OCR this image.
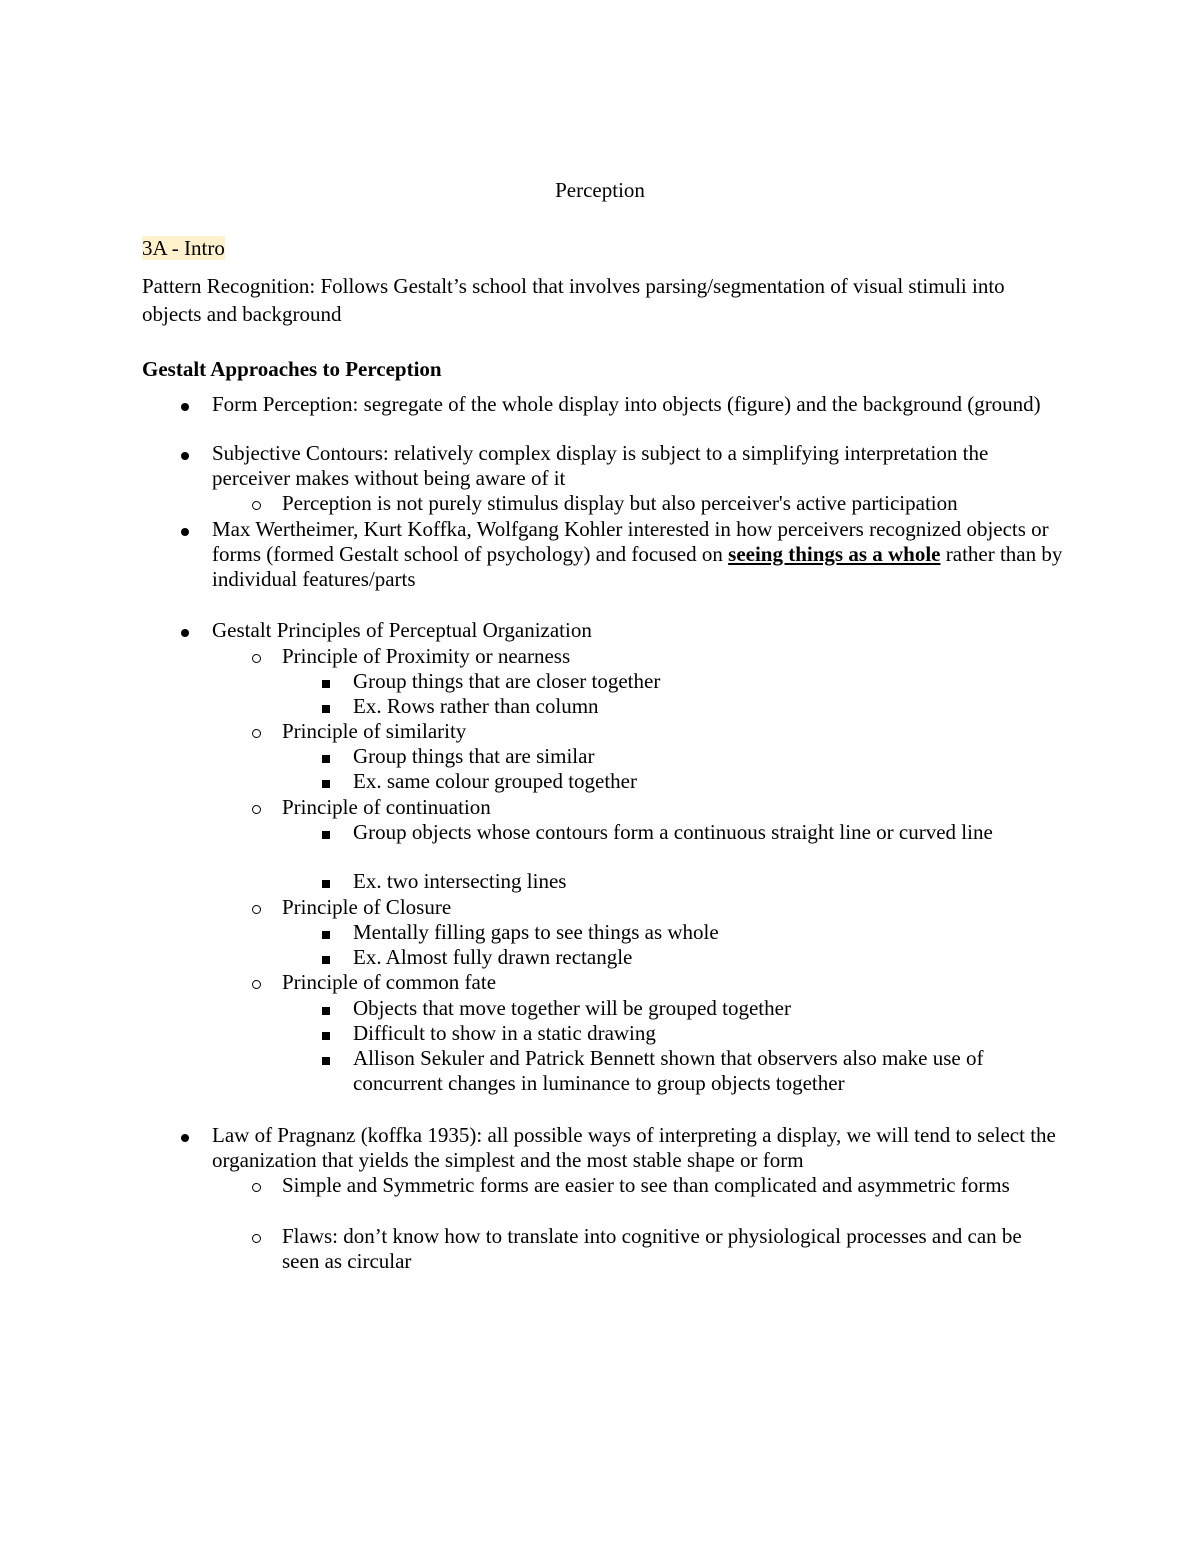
Perception
3A - Intro
Pattern Recognition: Follows Gestalt’s school that involves parsing/segmentation of visual stimuli into objects and background
Gestalt Approaches to Perception
Form Perception: segregate of the whole display into objects (figure) and the background (ground)
Subjective Contours: relatively complex display is subject to a simplifying interpretation the perceiver makes without being aware of it
Perception is not purely stimulus display but also perceiver's active participation
Max Wertheimer, Kurt Koffka, Wolfgang Kohler interested in how perceivers recognized objects or forms (formed Gestalt school of psychology) and focused on seeing things as a whole rather than by individual features/parts
Gestalt Principles of Perceptual Organization
Principle of Proximity or nearness
Group things that are closer together
Ex. Rows rather than column
Principle of similarity
Group things that are similar
Ex. same colour grouped together
Principle of continuation
Group objects whose contours form a continuous straight line or curved line
Ex. two intersecting lines
Principle of Closure
Mentally filling gaps to see things as whole
Ex. Almost fully drawn rectangle
Principle of common fate
Objects that move together will be grouped together
Difficult to show in a static drawing
Allison Sekuler and Patrick Bennett shown that observers also make use of concurrent changes in luminance to group objects together
Law of Pragnanz (koffka 1935): all possible ways of interpreting a display, we will tend to select the organization that yields the simplest and the most stable shape or form
Simple and Symmetric forms are easier to see than complicated and asymmetric forms
Flaws: don’t know how to translate into cognitive or physiological processes and can be seen as circular
